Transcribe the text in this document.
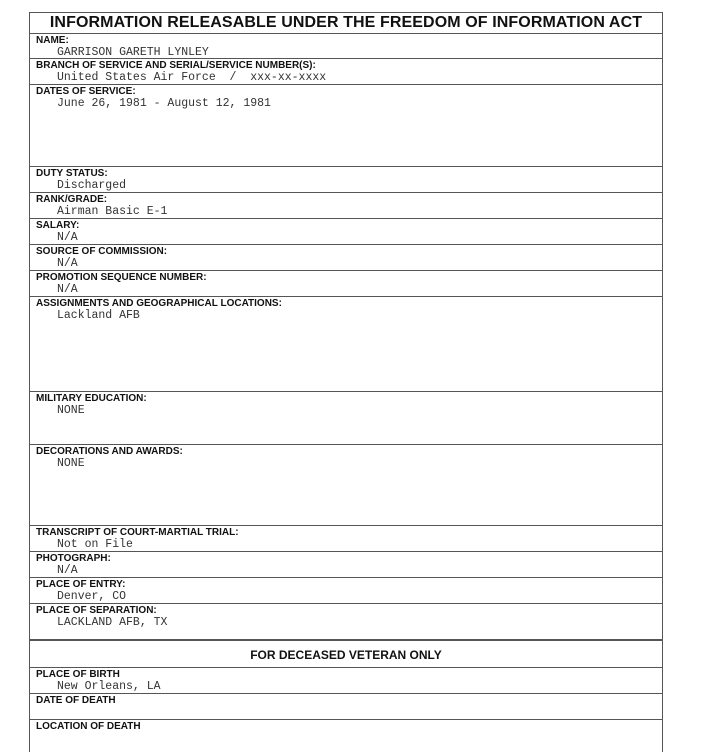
INFORMATION RELEASABLE UNDER THE FREEDOM OF INFORMATION ACT
NAME:
GARRISON GARETH LYNLEY
BRANCH OF SERVICE AND SERIAL/SERVICE NUMBER(S):
United States Air Force  /  xxx-xx-xxxx
DATES OF SERVICE:
June 26, 1981 - August 12, 1981
DUTY STATUS:
Discharged
RANK/GRADE:
Airman Basic E-1
SALARY:
N/A
SOURCE OF COMMISSION:
N/A
PROMOTION SEQUENCE NUMBER:
N/A
ASSIGNMENTS AND GEOGRAPHICAL LOCATIONS:
Lackland AFB
MILITARY EDUCATION:
NONE
DECORATIONS AND AWARDS:
NONE
TRANSCRIPT OF COURT-MARTIAL TRIAL:
Not on File
PHOTOGRAPH:
N/A
PLACE OF ENTRY:
Denver, CO
PLACE OF SEPARATION:
LACKLAND AFB, TX
FOR DECEASED VETERAN ONLY
PLACE OF BIRTH
New Orleans, LA
DATE OF DEATH
LOCATION OF DEATH
